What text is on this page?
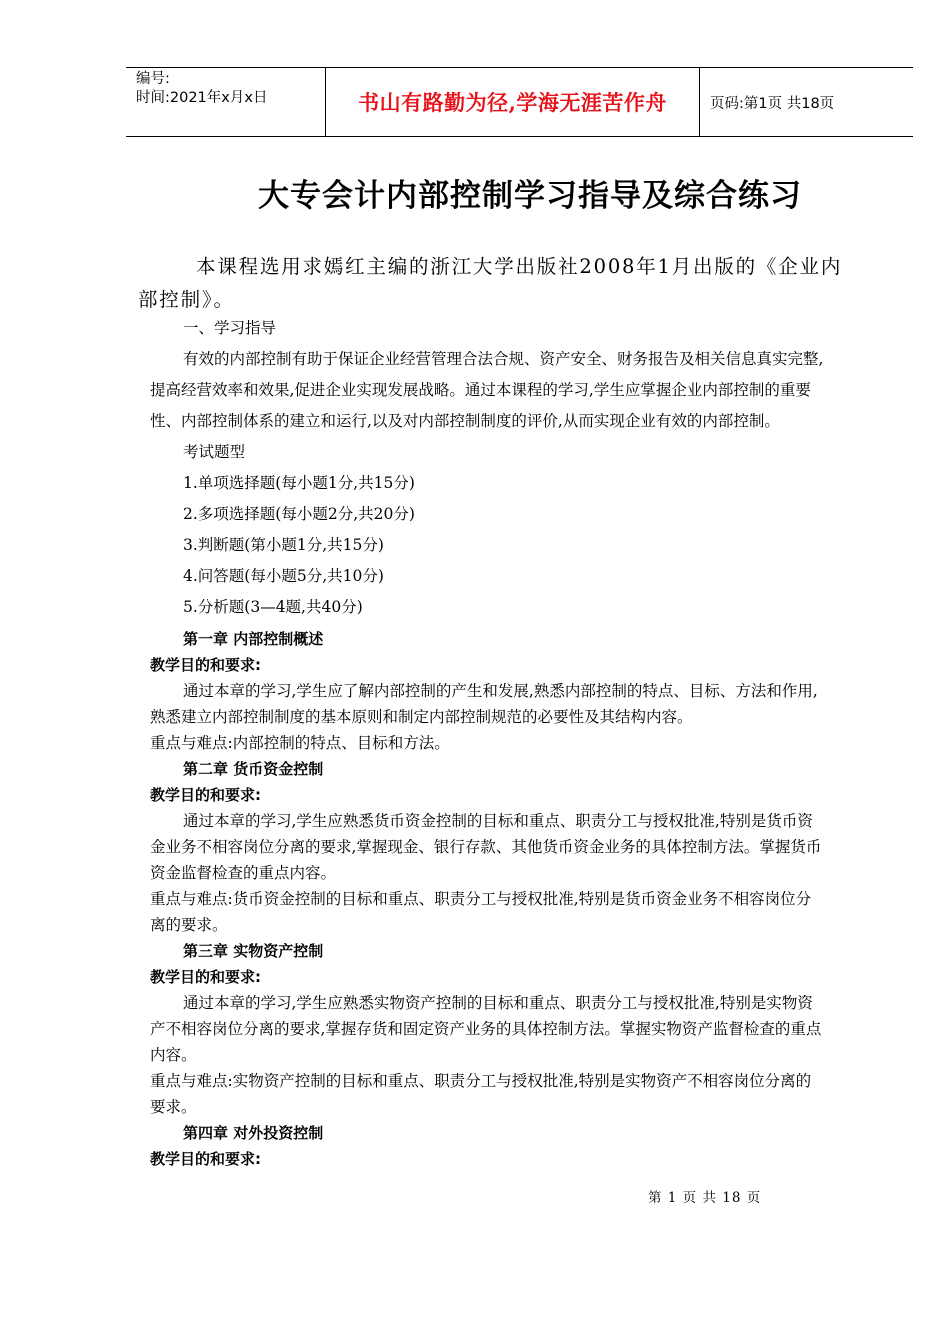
编号:
时间:2021年x月x日	书山有路勤为径,学海无涯苦作舟	页码:第1页 共18页
大专会计内部控制学习指导及综合练习
本课程选用求嫣红主编的浙江大学出版社2008年1月出版的《企业内
部控制》。
一、学习指导
有效的内部控制有助于保证企业经营管理合法合规、资产安全、财务报告及相关信息真实完整,
提高经营效率和效果,促进企业实现发展战略。通过本课程的学习,学生应掌握企业内部控制的重要
性、内部控制体系的建立和运行,以及对内部控制制度的评价,从而实现企业有效的内部控制。
考试题型
1.单项选择题(每小题1分,共15分)
2.多项选择题(每小题2分,共20分)
3.判断题(第小题1分,共15分)
4.问答题(每小题5分,共10分)
5.分析题(3—4题,共40分)
第一章 内部控制概述
教学目的和要求:
通过本章的学习,学生应了解内部控制的产生和发展,熟悉内部控制的特点、目标、方法和作用,
熟悉建立内部控制制度的基本原则和制定内部控制规范的必要性及其结构内容。
重点与难点:内部控制的特点、目标和方法。
第二章 货币资金控制
教学目的和要求:
通过本章的学习,学生应熟悉货币资金控制的目标和重点、职责分工与授权批准,特别是货币资
金业务不相容岗位分离的要求,掌握现金、银行存款、其他货币资金业务的具体控制方法。掌握货币
资金监督检查的重点内容。
重点与难点:货币资金控制的目标和重点、职责分工与授权批准,特别是货币资金业务不相容岗位分
离的要求。
第三章 实物资产控制
教学目的和要求:
通过本章的学习,学生应熟悉实物资产控制的目标和重点、职责分工与授权批准,特别是实物资
产不相容岗位分离的要求,掌握存货和固定资产业务的具体控制方法。掌握实物资产监督检查的重点
内容。
重点与难点:实物资产控制的目标和重点、职责分工与授权批准,特别是实物资产不相容岗位分离的
要求。
第四章 对外投资控制
教学目的和要求:
第 1 页 共 18 页
